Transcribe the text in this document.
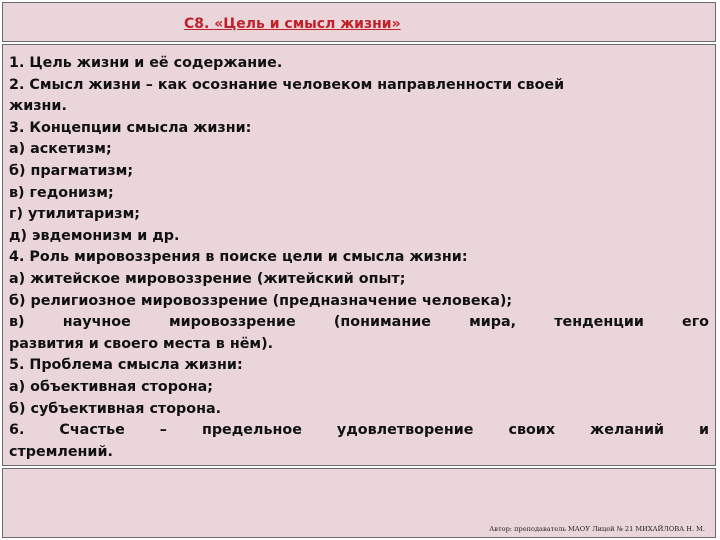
С8. «Цель и смысл жизни»
1. Цель жизни и её содержание.
2. Смысл жизни – как осознание человеком направленности своей
жизни.
3. Концепции смысла жизни:
а) аскетизм;
б) прагматизм;
в) гедонизм;
г) утилитаризм;
д) эвдемонизм и др.
4. Роль мировоззрения в поиске цели и смысла жизни:
а) житейское мировоззрение (житейский опыт;
б) религиозное мировоззрение (предназначение человека);
в) научное мировоззрение (понимание мира, тенденции его
развития и своего места в нём).
5. Проблема смысла жизни:
а) объективная сторона;
б) субъективная сторона.
6. Счастье – предельное удовлетворение своих желаний и
стремлений.
Автор: преподаватель МАОУ Лицей № 21 МИХАЙЛОВА Н. М.
